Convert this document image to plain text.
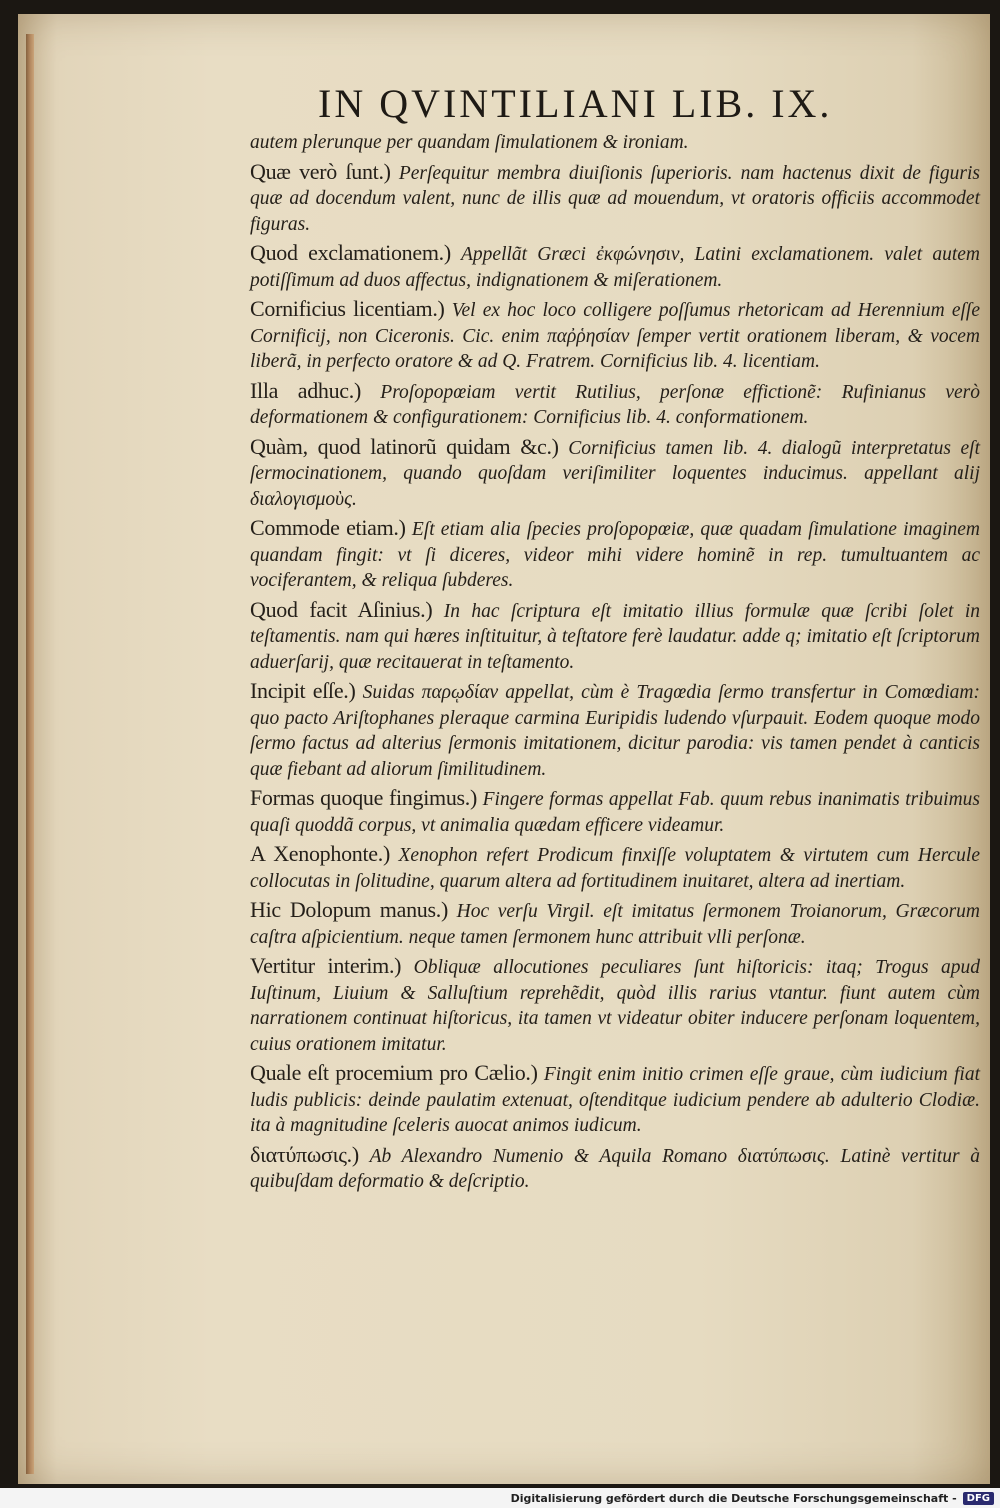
IN QVINTILIANI LIB. IX.

autem plerunque per quandam ſimulationem & ironiam.

Quæ verò ſunt.) Perſequitur membra diuiſionis ſuperioris. nam hactenus dixit de figuris quæ ad docendum valent, nunc de illis quæ ad mouendum, vt oratoris officiis accommodet figuras.

Quod exclamationem.) Appellãt Græci ἐκφώνησιν, Latini exclamationem. valet autem potiſſimum ad duos affectus, indignationem & miſerationem.

Cornificius licentiam.) Vel ex hoc loco colligere poſſumus rhetoricam ad Herennium eſſe Cornificij, non Ciceronis. Cic. enim παῤῥησίαν ſemper vertit orationem liberam, & vocem liberã, in perfecto oratore & ad Q. Fratrem. Cornificius lib. 4. licentiam.

Illa adhuc.) Proſopopœiam vertit Rutilius, perſonæ effictionẽ: Rufinianus verò deformationem & configurationem: Cornificius lib. 4. conformationem.

Quàm, quod latinorũ quidam &c.) Cornificius tamen lib. 4. dialogũ interpretatus eſt ſermocinationem, quando quoſdam veriſimiliter loquentes inducimus. appellant alij διαλογισμοὺς.

Commode etiam.) Eſt etiam alia ſpecies proſopopœiæ, quæ quadam ſimulatione imaginem quandam fingit: vt ſi diceres, videor mihi videre hominẽ in rep. tumultuantem ac vociferantem, & reliqua ſubderes.

Quod facit Aſinius.) In hac ſcriptura eſt imitatio illius formulæ quæ ſcribi ſolet in teſtamentis. nam qui hæres inſtituitur, à teſtatore ferè laudatur. adde q; imitatio eſt ſcriptorum aduerſarij, quæ recitauerat in teſtamento.

Incipit eſſe.) Suidas παρῳδίαν appellat, cùm è Tragœdia ſermo transfertur in Comœdiam: quo pacto Ariſtophanes pleraque carmina Euripidis ludendo vſurpauit. Eodem quoque modo ſermo factus ad alterius ſermonis imitationem, dicitur parodia: vis tamen pendet à canticis quæ fiebant ad aliorum ſimilitudinem.

Formas quoque fingimus.) Fingere formas appellat Fab. quum rebus inanimatis tribuimus quaſi quoddã corpus, vt animalia quædam efficere videamur.

A Xenophonte.) Xenophon refert Prodicum finxiſſe voluptatem & virtutem cum Hercule collocutas in ſolitudine, quarum altera ad fortitudinem inuitaret, altera ad inertiam.

Hic Dolopum manus.) Hoc verſu Virgil. eſt imitatus ſermonem Troianorum, Græcorum caſtra aſpicientium. neque tamen ſermonem hunc attribuit vlli perſonæ.

Vertitur interim.) Obliquæ allocutiones peculiares ſunt hiſtoricis: itaq; Trogus apud Iuſtinum, Liuium & Salluſtium reprehẽdit, quòd illis rarius vtantur. fiunt autem cùm narrationem continuat hiſtoricus, ita tamen vt videatur obiter inducere perſonam loquentem, cuius orationem imitatur.

Quale eſt procemium pro Cælio.) Fingit enim initio crimen eſſe graue, cùm iudicium fiat ludis publicis: deinde paulatim extenuat, oſtenditque iudicium pendere ab adulterio Clodiæ. ita à magnitudine ſceleris auocat animos iudicum.

διατύπωσις.) Ab Alexandro Numenio & Aquila Romano διατύπωσις. Latinè vertitur à quibuſdam deformatio & deſcriptio.

Digitalisierung gefördert durch die Deutsche Forschungsgemeinschaft -	DFG
